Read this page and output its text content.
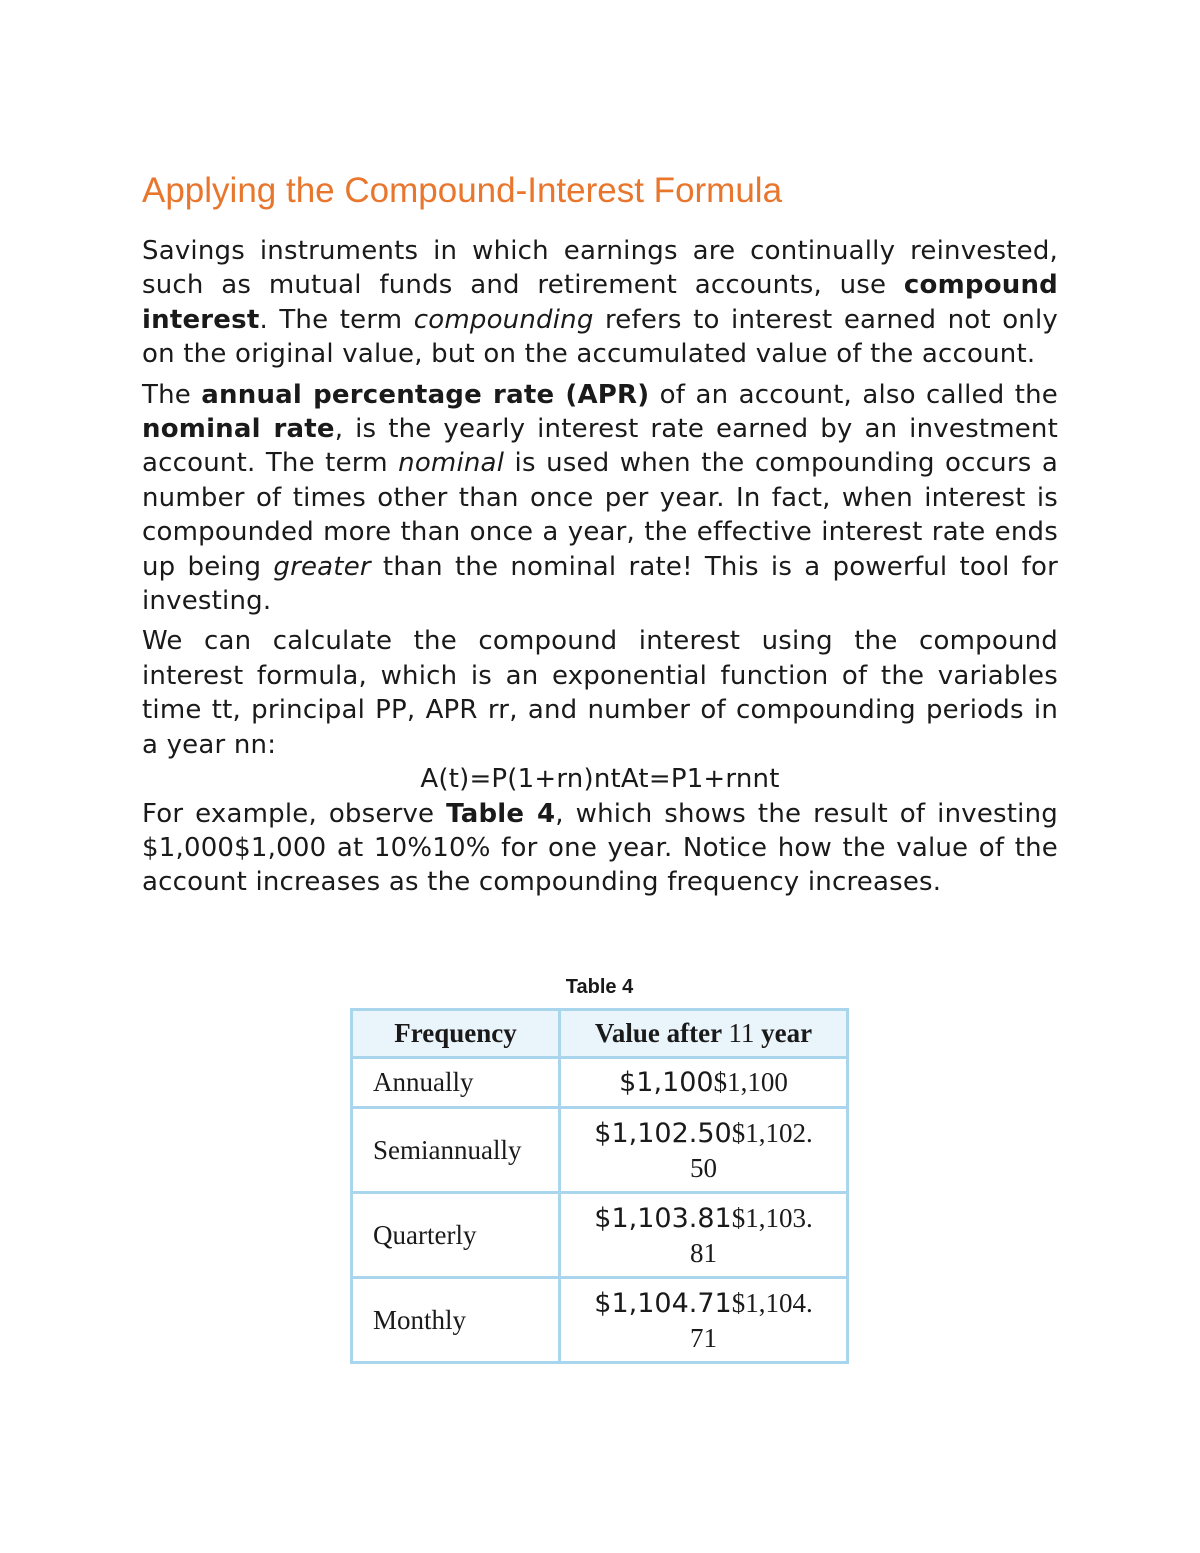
Applying the Compound-Interest Formula

Savings instruments in which earnings are continually reinvested, such as mutual funds and retirement accounts, use compound interest. The term compounding refers to interest earned not only on the original value, but on the accumulated value of the account.

The annual percentage rate (APR) of an account, also called the nominal rate, is the yearly interest rate earned by an investment account. The term nominal is used when the compounding occurs a number of times other than once per year. In fact, when interest is compounded more than once a year, the effective interest rate ends up being greater than the nominal rate! This is a powerful tool for investing.

We can calculate the compound interest using the compound interest formula, which is an exponential function of the variables time tt, principal PP, APR rr, and number of compounding periods in a year nn:

A(t)=P(1+rn)ntAt=P1+rnnt

For example, observe Table 4, which shows the result of investing $1,000$1,000 at 10%10% for one year. Notice how the value of the account increases as the compounding frequency increases.

Table 4
Frequency	Value after 11 year
Annually	$1,100$1,100
Semiannually	$1,102.50$1,102.
50
Quarterly	$1,103.81$1,103.
81
Monthly	$1,104.71$1,104.
71
